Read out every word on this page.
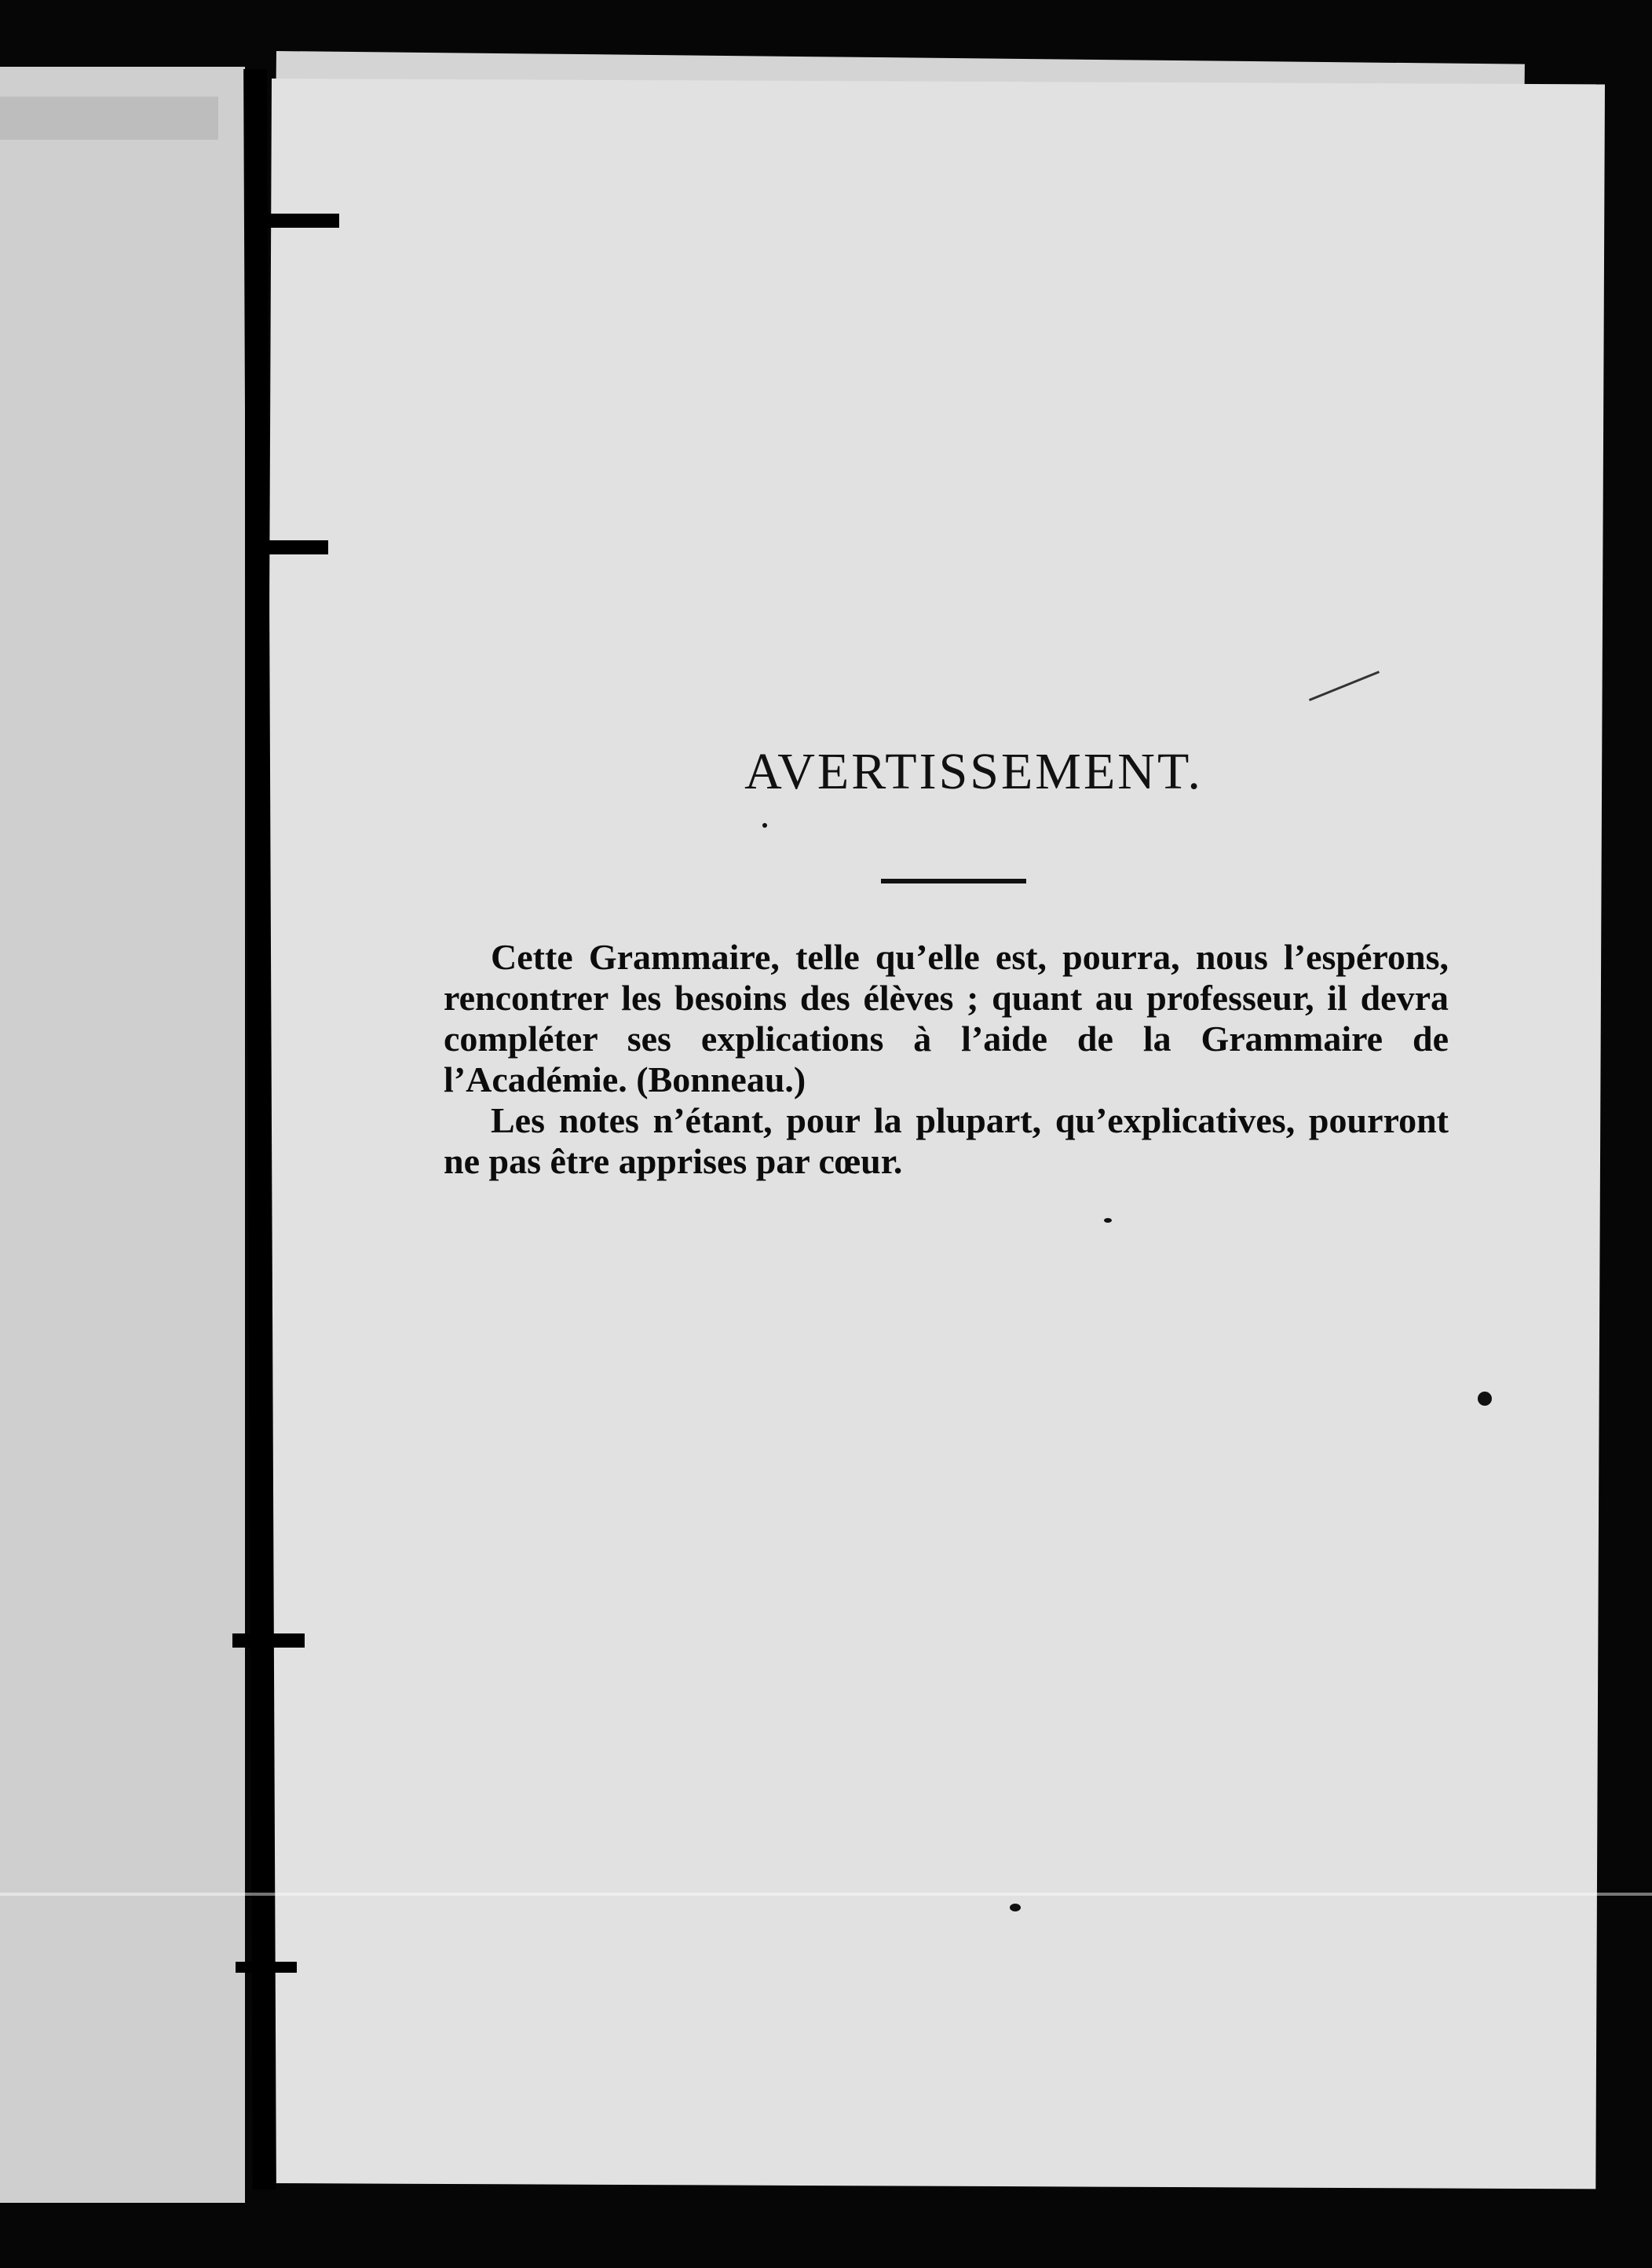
AVERTISSEMENT.

Cette Grammaire, telle qu’elle est, pourra, nous l’espérons, rencontrer les besoins des élèves ; quant au professeur, il devra compléter ses explications à l’aide de la Grammaire de l’Académie. (Bonneau.)

Les notes n’étant, pour la plupart, qu’explicatives, pourront ne pas être apprises par cœur.
